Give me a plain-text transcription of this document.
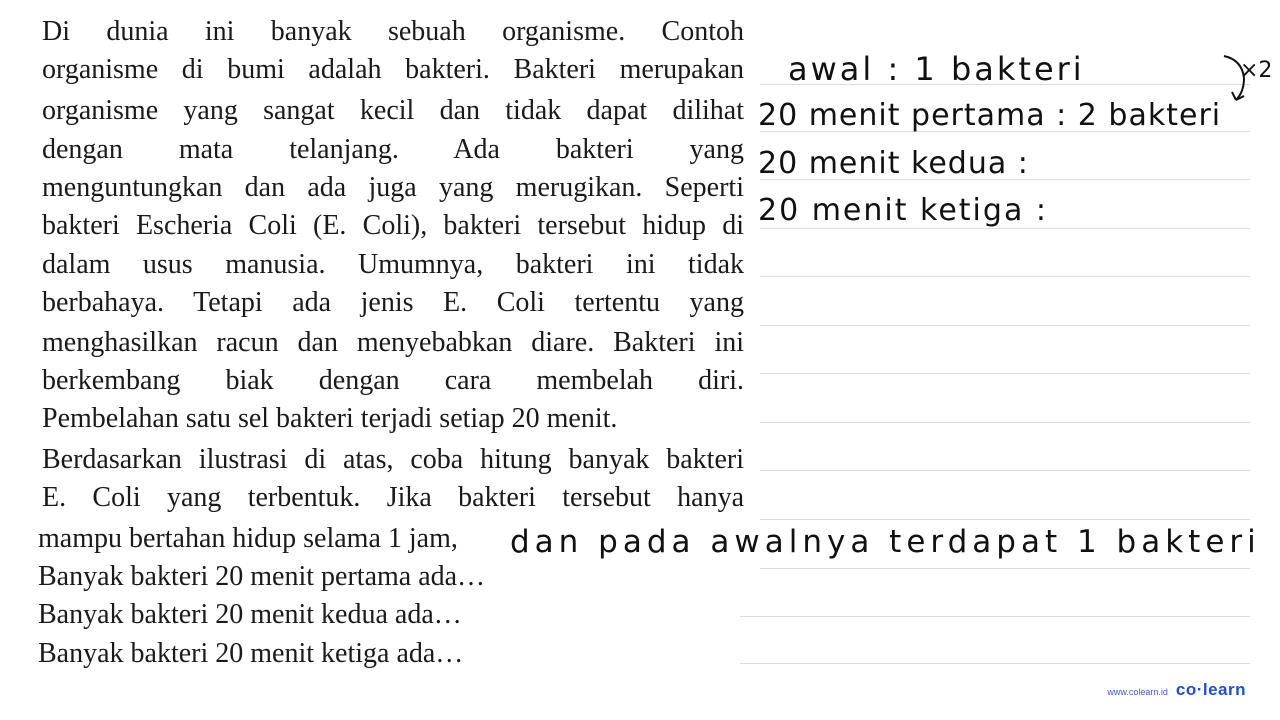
Di dunia ini banyak sebuah organisme. Contoh
organisme di bumi adalah bakteri. Bakteri merupakan
organisme yang sangat kecil dan tidak dapat dilihat
dengan mata telanjang. Ada bakteri yang
menguntungkan dan ada juga yang merugikan. Seperti
bakteri Escheria Coli (E. Coli), bakteri tersebut hidup di
dalam usus manusia. Umumnya, bakteri ini tidak
berbahaya. Tetapi ada jenis E. Coli tertentu yang
menghasilkan racun dan menyebabkan diare. Bakteri ini
berkembang biak dengan cara membelah diri.
Pembelahan satu sel bakteri terjadi setiap 20 menit.
Berdasarkan ilustrasi di atas, coba hitung banyak bakteri
E. Coli yang terbentuk. Jika bakteri tersebut hanya
mampu bertahan hidup selama 1 jam,
Banyak bakteri 20 menit pertama ada…
Banyak bakteri 20 menit kedua ada…
Banyak bakteri 20 menit ketiga ada…
awal : 1 bakteri
20 menit pertama : 2 bakteri
20 menit kedua :
20 menit ketiga :
dan pada awalnya terdapat 1 bakteri
×2
www.colearn.id co·learn
